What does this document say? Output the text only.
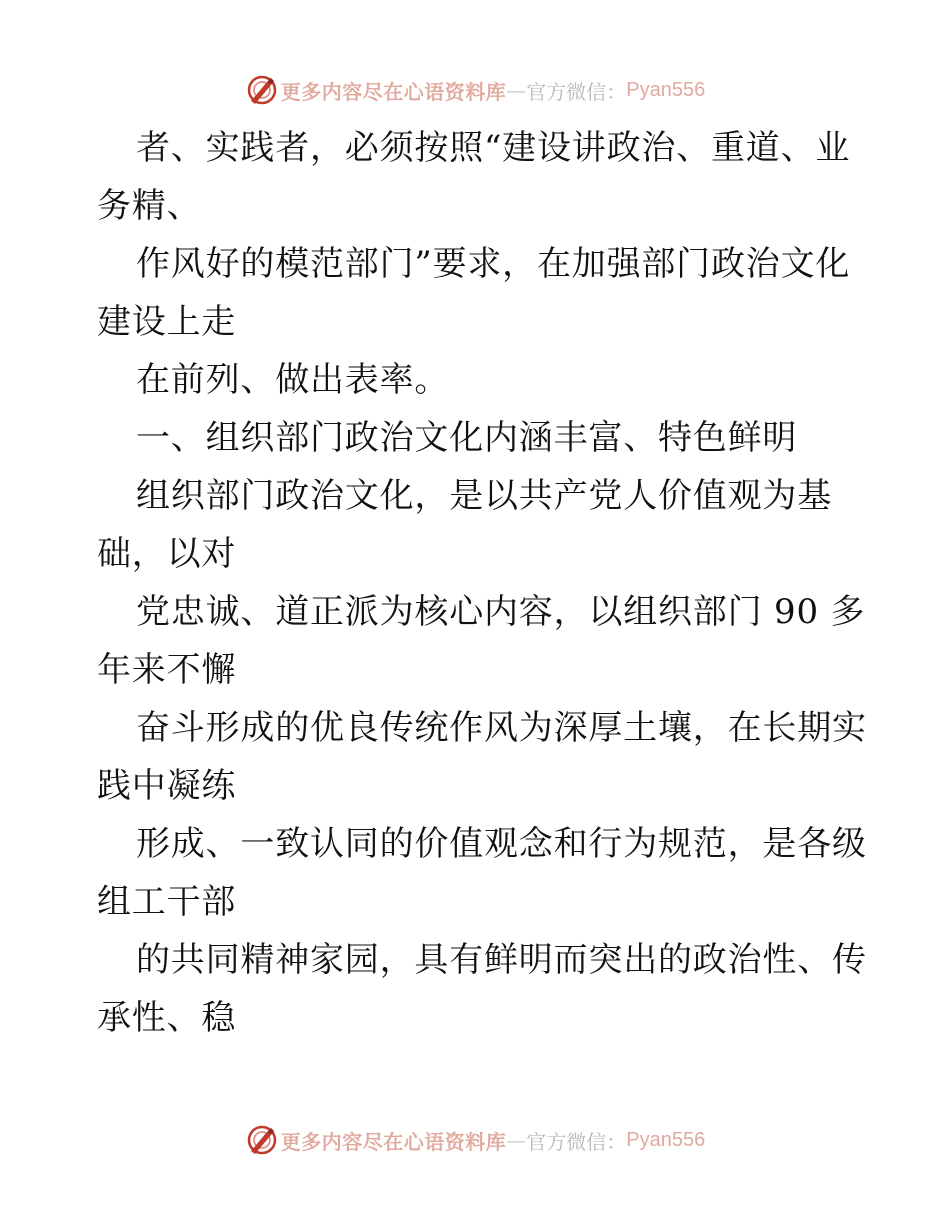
更多内容尽在心语资料库 — 官方微信： Pyan556
者、实践者，必须按照“建设讲政治、重道、业
务精、
作风好的模范部门”要求，在加强部门政治文化
建设上走
在前列、做出表率。
一、组织部门政治文化内涵丰富、特色鲜明
组织部门政治文化，是以共产党人价值观为基
础，以对
党忠诚、道正派为核心内容，以组织部门 90 多
年来不懈
奋斗形成的优良传统作风为深厚土壤，在长期实
践中凝练
形成、一致认同的价值观念和行为规范，是各级
组工干部
的共同精神家园，具有鲜明而突出的政治性、传
承性、稳
更多内容尽在心语资料库 — 官方微信： Pyan556
